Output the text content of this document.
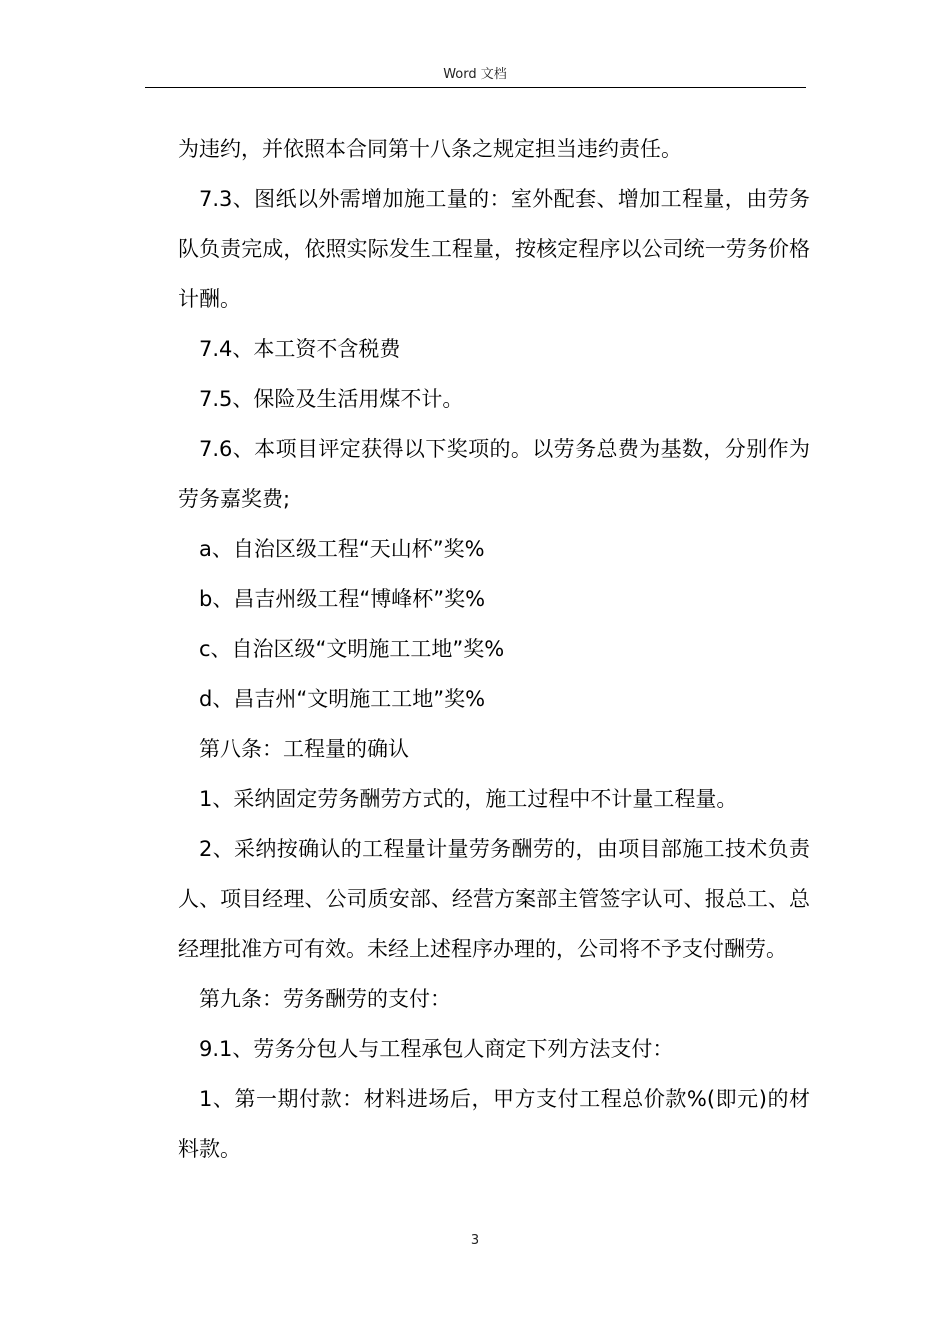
Word 文档

为违约，并依照本合同第十八条之规定担当违约责任。

7.3、图纸以外需增加施工量的：室外配套、增加工程量，由劳务队负责完成，依照实际发生工程量，按核定程序以公司统一劳务价格计酬。

7.4、本工资不含税费

7.5、保险及生活用煤不计。

7.6、本项目评定获得以下奖项的。以劳务总费为基数，分别作为劳务嘉奖费;

a、自治区级工程“天山杯”奖%

b、昌吉州级工程“博峰杯”奖%

c、自治区级“文明施工工地”奖%

d、昌吉州“文明施工工地”奖%

第八条：工程量的确认

1、采纳固定劳务酬劳方式的，施工过程中不计量工程量。

2、采纳按确认的工程量计量劳务酬劳的，由项目部施工技术负责人、项目经理、公司质安部、经营方案部主管签字认可、报总工、总经理批准方可有效。未经上述程序办理的，公司将不予支付酬劳。

第九条：劳务酬劳的支付：

9.1、劳务分包人与工程承包人商定下列方法支付：

1、第一期付款：材料进场后，甲方支付工程总价款%(即元)的材料款。

3
